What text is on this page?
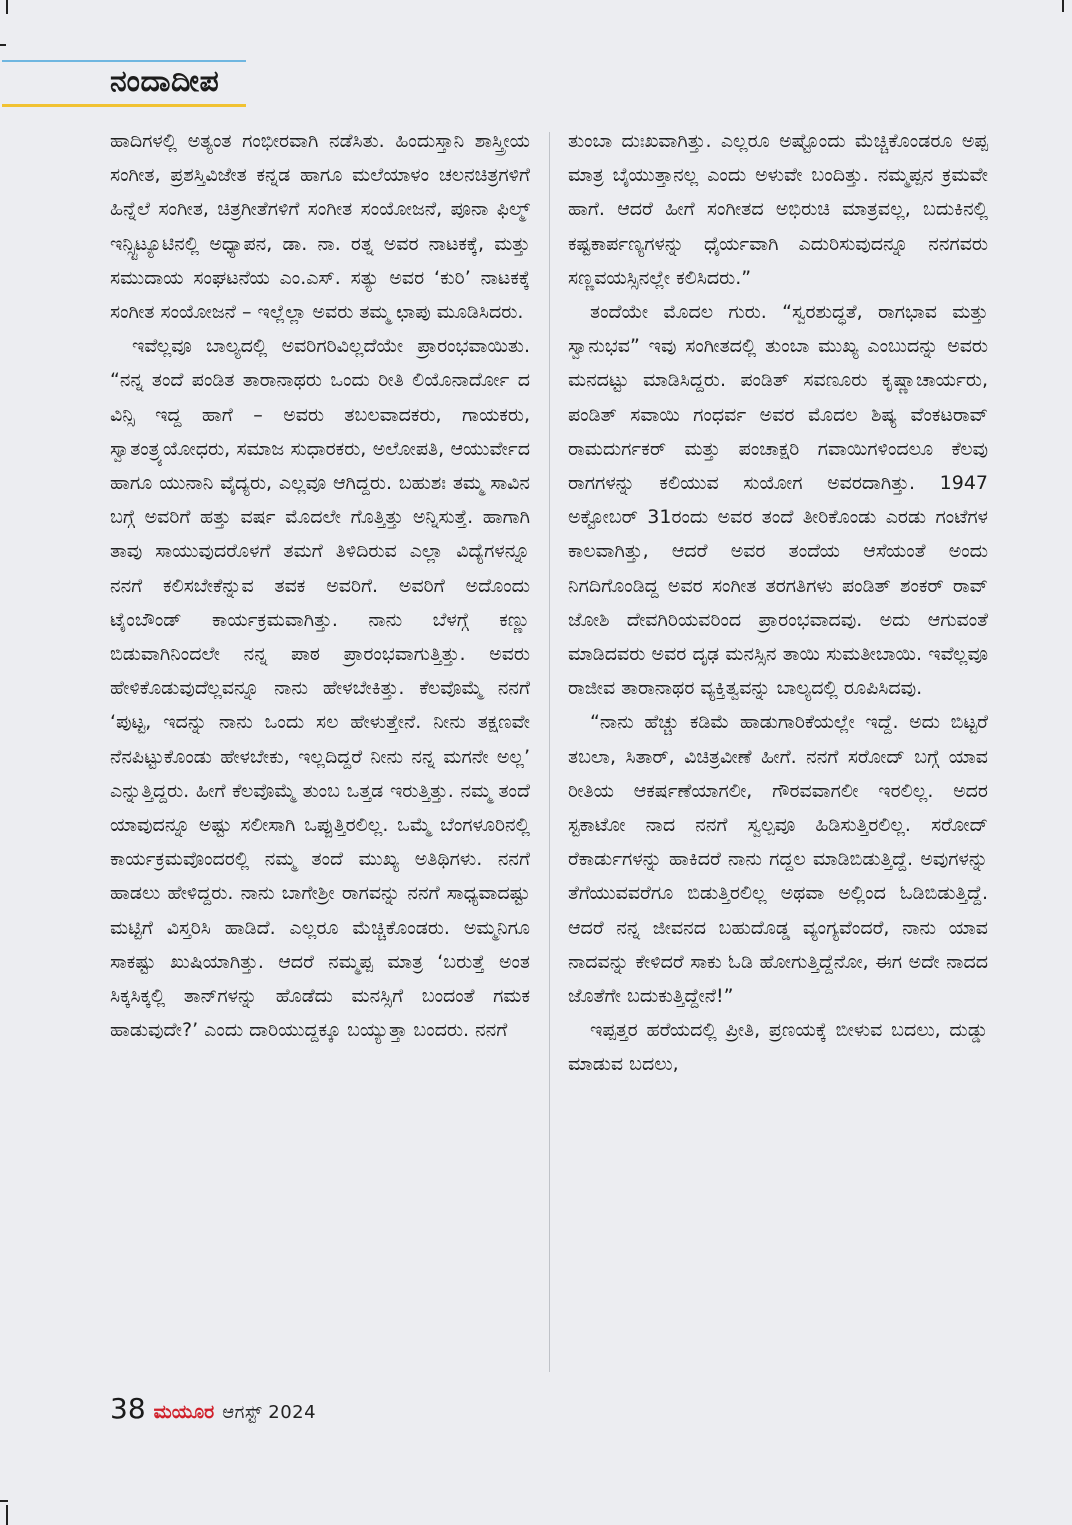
ನಂದಾದೀಪ

ಹಾದಿಗಳಲ್ಲಿ ಅತ್ಯಂತ ಗಂಭೀರವಾಗಿ ನಡೆಸಿತು. ಹಿಂದುಸ್ತಾನಿ ಶಾಸ್ತ್ರೀಯ ಸಂಗೀತ, ಪ್ರಶಸ್ತಿವಿಜೇತ ಕನ್ನಡ ಹಾಗೂ ಮಲೆಯಾಳಂ ಚಲನಚಿತ್ರಗಳಿಗೆ ಹಿನ್ನೆಲೆ ಸಂಗೀತ, ಚಿತ್ರಗೀತೆಗಳಿಗೆ ಸಂಗೀತ ಸಂಯೋಜನೆ, ಪೂನಾ ಫಿಲ್ಮ್ ಇನ್ಸ್ಟಿಟ್ಯೂಟಿನಲ್ಲಿ ಅಧ್ಯಾಪನ, ಡಾ. ನಾ. ರತ್ನ ಅವರ ನಾಟಕಕ್ಕೆ, ಮತ್ತು ಸಮುದಾಯ ಸಂಘಟನೆಯ ಎಂ.ಎಸ್. ಸತ್ಯು ಅವರ ‘ಕುರಿ’ ನಾಟಕಕ್ಕೆ ಸಂಗೀತ ಸಂಯೋಜನೆ – ಇಲ್ಲೆಲ್ಲಾ ಅವರು ತಮ್ಮ ಛಾಪು ಮೂಡಿಸಿದರು.

ಇವೆಲ್ಲವೂ ಬಾಲ್ಯದಲ್ಲಿ ಅವರಿಗರಿವಿಲ್ಲದೆಯೇ ಪ್ರಾರಂಭವಾಯಿತು. “ನನ್ನ ತಂದೆ ಪಂಡಿತ ತಾರಾನಾಥರು ಒಂದು ರೀತಿ ಲಿಯೊನಾರ್ದೋ ದ ವಿನ್ಸಿ ಇದ್ದ ಹಾಗೆ – ಅವರು ತಬಲವಾದಕರು, ಗಾಯಕರು, ಸ್ವಾತಂತ್ರ್ಯಯೋಧರು, ಸಮಾಜ ಸುಧಾರಕರು, ಅಲೋಪತಿ, ಆಯುರ್ವೇದ ಹಾಗೂ ಯುನಾನಿ ವೈದ್ಯರು, ಎಲ್ಲವೂ ಆಗಿದ್ದರು. ಬಹುಶಃ ತಮ್ಮ ಸಾವಿನ ಬಗ್ಗೆ ಅವರಿಗೆ ಹತ್ತು ವರ್ಷ ಮೊದಲೇ ಗೊತ್ತಿತ್ತು ಅನ್ನಿಸುತ್ತೆ. ಹಾಗಾಗಿ ತಾವು ಸಾಯುವುದರೊಳಗೆ ತಮಗೆ ತಿಳಿದಿರುವ ಎಲ್ಲಾ ವಿದ್ಯೆಗಳನ್ನೂ ನನಗೆ ಕಲಿಸಬೇಕೆನ್ನುವ ತವಕ ಅವರಿಗೆ. ಅವರಿಗೆ ಅದೊಂದು ಟೈಂಬೌಂಡ್ ಕಾರ್ಯಕ್ರಮವಾಗಿತ್ತು. ನಾನು ಬೆಳಗ್ಗೆ ಕಣ್ಣು ಬಿಡುವಾಗಿನಿಂದಲೇ ನನ್ನ ಪಾಠ ಪ್ರಾರಂಭವಾಗುತ್ತಿತ್ತು. ಅವರು ಹೇಳಿಕೊಡುವುದೆಲ್ಲವನ್ನೂ ನಾನು ಹೇಳಬೇಕಿತ್ತು. ಕೆಲವೊಮ್ಮೆ ನನಗೆ ‘ಪುಟ್ಟ, ಇದನ್ನು ನಾನು ಒಂದು ಸಲ ಹೇಳುತ್ತೇನೆ. ನೀನು ತಕ್ಷಣವೇ ನೆನಪಿಟ್ಟುಕೊಂಡು ಹೇಳಬೇಕು, ಇಲ್ಲದಿದ್ದರೆ ನೀನು ನನ್ನ ಮಗನೇ ಅಲ್ಲ’ ಎನ್ನುತ್ತಿದ್ದರು. ಹೀಗೆ ಕೆಲವೊಮ್ಮೆ ತುಂಬ ಒತ್ತಡ ಇರುತ್ತಿತ್ತು. ನಮ್ಮ ತಂದೆ ಯಾವುದನ್ನೂ ಅಷ್ಟು ಸಲೀಸಾಗಿ ಒಪ್ಪುತ್ತಿರಲಿಲ್ಲ. ಒಮ್ಮೆ ಬೆಂಗಳೂರಿನಲ್ಲಿ ಕಾರ್ಯಕ್ರಮವೊಂದರಲ್ಲಿ ನಮ್ಮ ತಂದೆ ಮುಖ್ಯ ಅತಿಥಿಗಳು. ನನಗೆ ಹಾಡಲು ಹೇಳಿದ್ದರು. ನಾನು ಬಾಗೇಶ್ರೀ ರಾಗವನ್ನು ನನಗೆ ಸಾಧ್ಯವಾದಷ್ಟು ಮಟ್ಟಿಗೆ ವಿಸ್ತರಿಸಿ ಹಾಡಿದೆ. ಎಲ್ಲರೂ ಮೆಚ್ಚಿಕೊಂಡರು. ಅಮ್ಮನಿಗೂ ಸಾಕಷ್ಟು ಖುಷಿಯಾಗಿತ್ತು. ಆದರೆ ನಮ್ಮಪ್ಪ ಮಾತ್ರ ‘ಬರುತ್ತೆ ಅಂತ ಸಿಕ್ಕಸಿಕ್ಕಲ್ಲಿ ತಾನ್‌ಗಳನ್ನು ಹೊಡೆದು ಮನಸ್ಸಿಗೆ ಬಂದಂತೆ ಗಮಕ ಹಾಡುವುದೇ?’ ಎಂದು ದಾರಿಯುದ್ದಕ್ಕೂ ಬಯ್ಯುತ್ತಾ ಬಂದರು. ನನಗೆ

ತುಂಬಾ ದುಃಖವಾಗಿತ್ತು. ಎಲ್ಲರೂ ಅಷ್ಟೊಂದು ಮೆಚ್ಚಿಕೊಂಡರೂ ಅಪ್ಪ ಮಾತ್ರ ಬೈಯುತ್ತಾನಲ್ಲ ಎಂದು ಅಳುವೇ ಬಂದಿತ್ತು. ನಮ್ಮಪ್ಪನ ಕ್ರಮವೇ ಹಾಗೆ. ಆದರೆ ಹೀಗೆ ಸಂಗೀತದ ಅಭಿರುಚಿ ಮಾತ್ರವಲ್ಲ, ಬದುಕಿನಲ್ಲಿ ಕಷ್ಟಕಾರ್ಪಣ್ಯಗಳನ್ನು ಧೈರ್ಯವಾಗಿ ಎದುರಿಸುವುದನ್ನೂ ನನಗವರು ಸಣ್ಣವಯಸ್ಸಿನಲ್ಲೇ ಕಲಿಸಿದರು.”

ತಂದೆಯೇ ಮೊದಲ ಗುರು. “ಸ್ವರಶುದ್ಧತೆ, ರಾಗಭಾವ ಮತ್ತು ಸ್ವಾನುಭವ” ಇವು ಸಂಗೀತದಲ್ಲಿ ತುಂಬಾ ಮುಖ್ಯ ಎಂಬುದನ್ನು ಅವರು ಮನದಟ್ಟು ಮಾಡಿಸಿದ್ದರು. ಪಂಡಿತ್ ಸವಣೂರು ಕೃಷ್ಣಾಚಾರ್ಯರು, ಪಂಡಿತ್ ಸವಾಯಿ ಗಂಧರ್ವ ಅವರ ಮೊದಲ ಶಿಷ್ಯ ವೆಂಕಟರಾವ್ ರಾಮದುರ್ಗಕರ್ ಮತ್ತು ಪಂಚಾಕ್ಷರಿ ಗವಾಯಿಗಳಿಂದಲೂ ಕೆಲವು ರಾಗಗಳನ್ನು ಕಲಿಯುವ ಸುಯೋಗ ಅವರದಾಗಿತ್ತು. 1947 ಅಕ್ಟೋಬರ್ 31ರಂದು ಅವರ ತಂದೆ ತೀರಿಕೊಂಡು ಎರಡು ಗಂಟೆಗಳ ಕಾಲವಾಗಿತ್ತು, ಆದರೆ ಅವರ ತಂದೆಯ ಆಸೆಯಂತೆ ಅಂದು ನಿಗದಿಗೊಂಡಿದ್ದ ಅವರ ಸಂಗೀತ ತರಗತಿಗಳು ಪಂಡಿತ್ ಶಂಕರ್ ರಾವ್ ಜೋಶಿ ದೇವಗಿರಿಯವರಿಂದ ಪ್ರಾರಂಭವಾದವು. ಅದು ಆಗುವಂತೆ ಮಾಡಿದವರು ಅವರ ದೃಢ ಮನಸ್ಸಿನ ತಾಯಿ ಸುಮತೀಬಾಯಿ. ಇವೆಲ್ಲವೂ ರಾಜೀವ ತಾರಾನಾಥರ ವ್ಯಕ್ತಿತ್ವವನ್ನು ಬಾಲ್ಯದಲ್ಲಿ ರೂಪಿಸಿದವು.

“ನಾನು ಹೆಚ್ಚು ಕಡಿಮೆ ಹಾಡುಗಾರಿಕೆಯಲ್ಲೇ ಇದ್ದೆ. ಅದು ಬಿಟ್ಟರೆ ತಬಲಾ, ಸಿತಾರ್, ವಿಚಿತ್ರವೀಣೆ ಹೀಗೆ. ನನಗೆ ಸರೋದ್ ಬಗ್ಗೆ ಯಾವ ರೀತಿಯ ಆಕರ್ಷಣೆಯಾಗಲೀ, ಗೌರವವಾಗಲೀ ಇರಲಿಲ್ಲ. ಅದರ ಸ್ಟಕಾಟೋ ನಾದ ನನಗೆ ಸ್ವಲ್ಪವೂ ಹಿಡಿಸುತ್ತಿರಲಿಲ್ಲ. ಸರೋದ್ ರೆಕಾರ್ಡುಗಳನ್ನು ಹಾಕಿದರೆ ನಾನು ಗದ್ದಲ ಮಾಡಿಬಿಡುತ್ತಿದ್ದೆ. ಅವುಗಳನ್ನು ತೆಗೆಯುವವರೆಗೂ ಬಿಡುತ್ತಿರಲಿಲ್ಲ ಅಥವಾ ಅಲ್ಲಿಂದ ಓಡಿಬಿಡುತ್ತಿದ್ದೆ. ಆದರೆ ನನ್ನ ಜೀವನದ ಬಹುದೊಡ್ಡ ವ್ಯಂಗ್ಯವೆಂದರೆ, ನಾನು ಯಾವ ನಾದವನ್ನು ಕೇಳಿದರೆ ಸಾಕು ಓಡಿ ಹೋಗುತ್ತಿದ್ದೆನೋ, ಈಗ ಅದೇ ನಾದದ ಜೊತೆಗೇ ಬದುಕುತ್ತಿದ್ದೇನೆ!”

ಇಪ್ಪತ್ತರ ಹರೆಯದಲ್ಲಿ ಪ್ರೀತಿ, ಪ್ರಣಯಕ್ಕೆ ಬೀಳುವ ಬದಲು, ದುಡ್ಡು ಮಾಡುವ ಬದಲು,

38 ಮಯೂರ ಆಗಸ್ಟ್ 2024
